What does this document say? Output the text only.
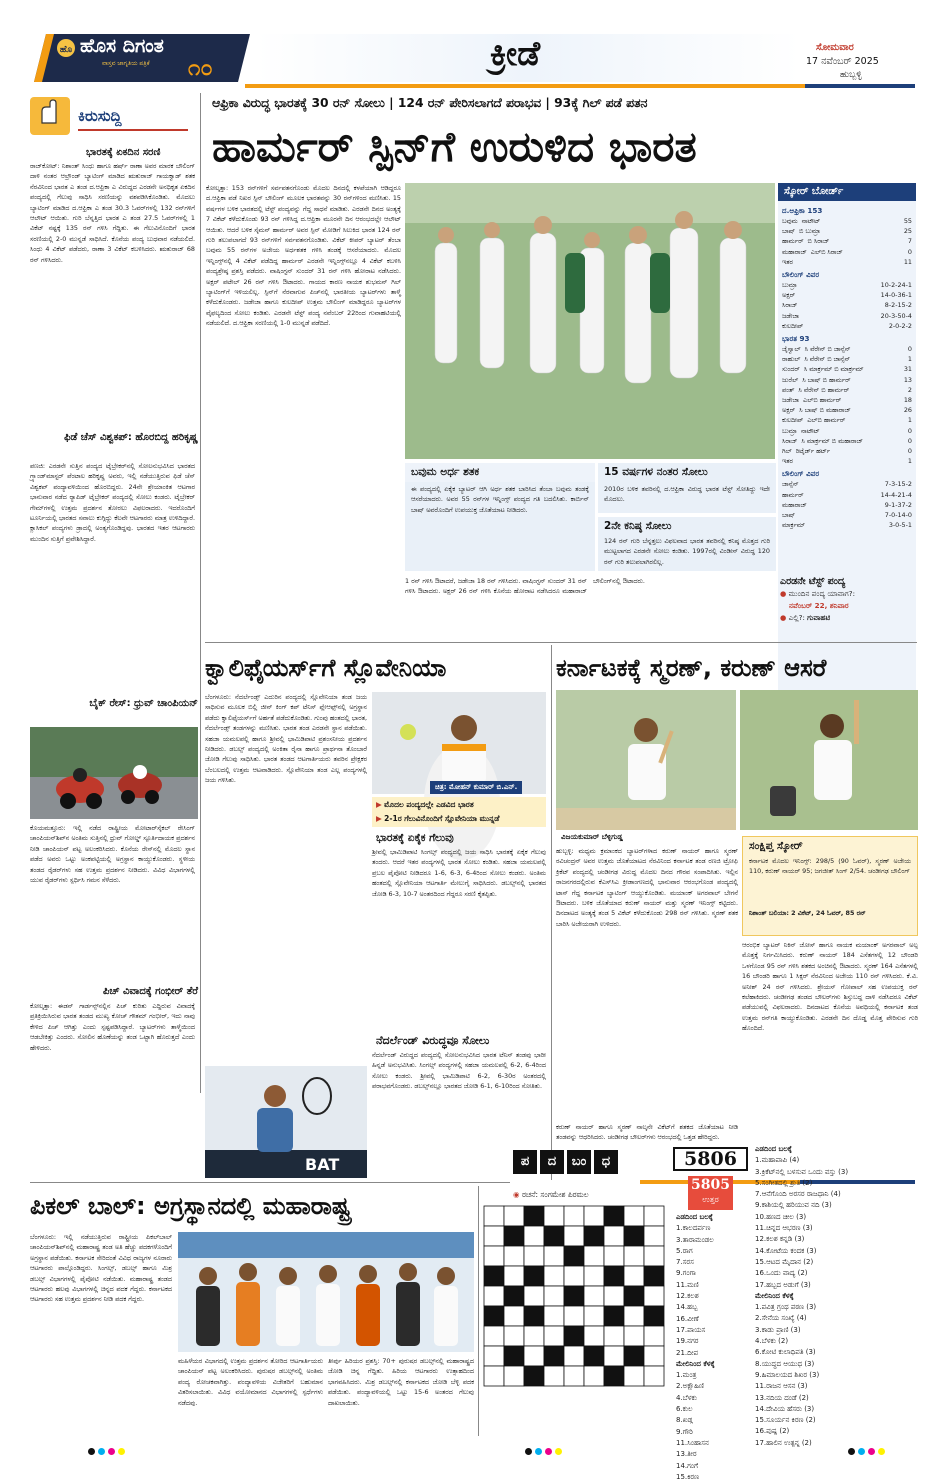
ಹೊ ಹೊಸ ದಿಗಂತ
ವಾಸ್ತವ ಜಾಗೃತಿಯ ಪತ್ರಿಕೆ ೧೦	ಕ್ರೀಡೆ	ಸೋಮವಾರ
17 ನವೆಂಬರ್ 2025
ಹುಬ್ಬಳ್ಳಿ
ಕಿರುಸುದ್ದಿ
ಭಾರತಕ್ಕೆ ಏಕದಿನ ಸರಣಿ

ರಾಜ್‌ಕೋಟ್: ನಿಶಾಂತ್ ಸಿಂಧು ಹಾಗೂ ಹರ್ಷ್ ರಾಣಾ ಅವರ ಮಾರಕ ಬೌಲಿಂಗ್ ದಾಳಿ ನಂತರ ಆಲ್ರೌಂಡ್ ಬ್ಯಾಟಿಂಗ್ ಮಾಡಿದ ಋತುರಾಜ್ ಗಾಯಕ್ವಾಡ್ ಶತಕ ನೆರವಿನಿಂದ ಭಾರತ ಎ ತಂಡ ದ.ಆಫ್ರಿಕಾ ಎ ವಿರುದ್ಧದ ಎರಡನೇ ಅನಧಿಕೃತ ಏಕದಿನ ಪಂದ್ಯದಲ್ಲಿ ಗೆಲುವು ಸಾಧಿಸಿ ಸರಣಿಯನ್ನು ವಶಪಡಿಸಿಕೊಂಡಿತು. ಮೊದಲು ಬ್ಯಾಟಿಂಗ್ ಮಾಡಿದ ದ.ಆಫ್ರಿಕಾ ಎ ತಂಡ 30.3 ಓವರ್‌ಗಳಲ್ಲಿ 132 ರನ್‌ಗಳಿಗೆ ಆಲೌಟ್ ಆಯಿತು. ಗುರಿ ಬೆನ್ನತ್ತಿದ ಭಾರತ ಎ ತಂಡ 27.5 ಓವರ್‌ಗಳಲ್ಲಿ 1 ವಿಕೆಟ್ ನಷ್ಟಕ್ಕೆ 135 ರನ್ ಗಳಿಸಿ ಗೆದ್ದಿತು. ಈ ಗೆಲುವಿನೊಂದಿಗೆ ಭಾರತ ಸರಣಿಯಲ್ಲಿ 2-0 ಮುನ್ನಡೆ ಸಾಧಿಸಿದೆ. ಕೊನೆಯ ಪಂದ್ಯ ಬುಧವಾರ ನಡೆಯಲಿದೆ. ಸಿಂಧು 4 ವಿಕೆಟ್ ಪಡೆದರು, ರಾಣಾ 3 ವಿಕೆಟ್ ಕಬಳಿಸಿದರು. ಋತುರಾಜ್ 68 ರನ್ ಗಳಿಸಿದರು.

ಫಿಡೆ ಚೆಸ್ ವಿಶ್ವಕಪ್: ಹೊರಬಿದ್ದ ಹರಿಕೃಷ್ಣ

ಪಣಜಿ: ಎರಡನೇ ಸುತ್ತಿನ ಪಂದ್ಯದ ಟೈಬ್ರೇಕರ್‌ನಲ್ಲಿ ಸೋಲನುಭವಿಸಿದ ಭಾರತದ ಗ್ರ್ಯಾಂಡ್‌ಮಾಸ್ಟರ್ ಪೆಂಟಾಲ ಹರಿಕೃಷ್ಣ ಅವರು, ಇಲ್ಲಿ ನಡೆಯುತ್ತಿರುವ ಫಿಡೆ ಚೆಸ್ ವಿಶ್ವಕಪ್ ಪಂದ್ಯಾವಳಿಯಿಂದ ಹೊರಬಿದ್ದರು. 24ನೇ ಶ್ರೇಯಾಂಕಿತ ಆಟಗಾರ ಭಾನುವಾರ ನಡೆದ ರ‍್ಯಾಪಿಡ್ ಟೈಬ್ರೇಕರ್ ಪಂದ್ಯದಲ್ಲಿ ಸೋಲು ಕಂಡರು. ಟೈಬ್ರೇಕರ್ ಗೇಮ್‌ಗಳಲ್ಲಿ ಉತ್ತಮ ಪ್ರದರ್ಶನ ತೋರಲು ವಿಫಲರಾದರು. ಇದರೊಂದಿಗೆ ಟೂರ್ನಿಯಲ್ಲಿ ಭಾರತದ ಸವಾಲು ಕುಗ್ಗಿದ್ದು ಕೆಲವೇ ಆಟಗಾರರು ಮಾತ್ರ ಉಳಿದಿದ್ದಾರೆ. ಕ್ಲಾಸಿಕಲ್ ಪಂದ್ಯಗಳು ಡ್ರಾದಲ್ಲಿ ಅಂತ್ಯಗೊಂಡಿದ್ದವು. ಭಾರತದ ಇತರ ಆಟಗಾರರು ಮುಂದಿನ ಸುತ್ತಿಗೆ ಪ್ರವೇಶಿಸಿದ್ದಾರೆ.

ಬೈಕ್ ರೇಸ್: ಧ್ರುವ್ ಚಾಂಪಿಯನ್

ಕೊಯಮತ್ತೂರು: ಇಲ್ಲಿ ನಡೆದ ರಾಷ್ಟ್ರೀಯ ಮೋಟಾರ್‌ಸೈಕಲ್ ರೇಸಿಂಗ್ ಚಾಂಪಿಯನ್‌ಶಿಪ್‌ನ ಅಂತಿಮ ಸುತ್ತಿನಲ್ಲಿ ಧ್ರುವ್ ಗೋಲ್ಡ್ ಸ್ಪೂರ್ತಿದಾಯಕ ಪ್ರದರ್ಶನ ನೀಡಿ ಚಾಂಪಿಯನ್ ಪಟ್ಟ ಅಲಂಕರಿಸಿದರು. ಕೊನೆಯ ರೇಸ್‌ನಲ್ಲಿ ಮೊದಲ ಸ್ಥಾನ ಪಡೆದ ಅವರು ಒಟ್ಟು ಅಂಕಪಟ್ಟಿಯಲ್ಲಿ ಅಗ್ರಸ್ಥಾನ ಕಾಯ್ದುಕೊಂಡರು. ಸ್ಥಳೀಯ ತಂಡದ ರೈಡರ್‌ಗಳು ಸಹ ಉತ್ತಮ ಪ್ರದರ್ಶನ ನೀಡಿದರು. ವಿವಿಧ ವಿಭಾಗಗಳಲ್ಲಿ ಯುವ ರೈಡರ್‌ಗಳು ಸ್ಪರ್ಧಿಸಿ ಗಮನ ಸೆಳೆದರು.

ಪಿಚ್ ವಿವಾದಕ್ಕೆ ಗಂಭೀರ್ ತೆರೆ

ಕೋಲ್ಕತ್ತಾ: ಈಡನ್ ಗಾರ್ಡನ್ಸ್‌ನಲ್ಲಿನ ಪಿಚ್ ಕುರಿತು ಎದ್ದಿರುವ ವಿವಾದಕ್ಕೆ ಪ್ರತಿಕ್ರಿಯಿಸಿರುವ ಭಾರತ ತಂಡದ ಮುಖ್ಯ ಕೋಚ್ ಗೌತಮ್ ಗಂಭೀರ್, ಇದು ನಾವು ಕೇಳಿದ ಪಿಚ್ ಆಗಿತ್ತು ಎಂದು ಸ್ಪಷ್ಟಪಡಿಸಿದ್ದಾರೆ. ಬ್ಯಾಟರ್‌ಗಳು ತಾಳ್ಮೆಯಿಂದ ಆಡಬೇಕಿತ್ತು ಎಂದರು. ಸೋಲಿನ ಹೊಣೆಯನ್ನು ತಂಡ ಒಟ್ಟಾಗಿ ಹೊರುತ್ತದೆ ಎಂದು ಹೇಳಿದರು.

ಆಫ್ರಿಕಾ ವಿರುದ್ಧ ಭಾರತಕ್ಕೆ 30 ರನ್ ಸೋಲು | 124 ರನ್ ಪೇರಿಸಲಾಗದೆ ಪರಾಭವ | 93ಕ್ಕೆ ಗಿಲ್ ಪಡೆ ಪತನ
ಹಾರ್ಮರ್ ಸ್ಪಿನ್‌ಗೆ ಉರುಳಿದ ಭಾರತ

ಕೋಲ್ಕತ್ತಾ: 153 ರನ್‌ಗಳಿಗೆ ಸರ್ವಪತನಗೊಂಡು ಮೊದಲ ದಿನದಲ್ಲಿ ಕಳಪೆಯಾಗಿ ಆಡಿದ್ದರೂ ದ.ಆಫ್ರಿಕಾ ಪಡೆ ನಿಖರ ಸ್ಪಿನ್ ಬೌಲಿಂಗ್ ಮೂಲಕ ಭಾರತವನ್ನು 30 ರನ್‌ಗಳಿಂದ ಮಣಿಸಿತು. 15 ವರ್ಷಗಳ ಬಳಿಕ ಭಾರತದಲ್ಲಿ ಟೆಸ್ಟ್ ಪಂದ್ಯವನ್ನು ಗೆದ್ದ ಸಾಧನೆ ಮಾಡಿತು. ಎರಡನೇ ದಿನದ ಅಂತ್ಯಕ್ಕೆ 7 ವಿಕೆಟ್ ಕಳೆದುಕೊಂಡು 93 ರನ್ ಗಳಿಸಿದ್ದ ದ.ಆಫ್ರಿಕಾ ಮೂರನೇ ದಿನ ಆರಂಭದಲ್ಲೇ ಆಲೌಟ್ ಆಯಿತು. ಆದರೆ ಬಳಿಕ ಸೈಮನ್ ಹಾರ್ಮರ್ ಅವರ ಸ್ಪಿನ್ ಮೋಡಿಗೆ ಸಿಲುಕಿದ ಭಾರತ 124 ರನ್ ಗುರಿ ತಲುಪಲಾಗದೆ 93 ರನ್‌ಗಳಿಗೆ ಸರ್ವಪತನಗೊಂಡಿತು. ವಿಕೆಟ್ ಕೀಪರ್ ಬ್ಯಾಟರ್ ತೆಂಬಾ ಬವುಮ 55 ರನ್‌ಗಳ ಅಜೇಯ ಅರ್ಧಶತಕ ಗಳಿಸಿ ತಂಡಕ್ಕೆ ಆಸರೆಯಾದರು. ಮೊದಲ ಇನ್ನಿಂಗ್ಸ್‌ನಲ್ಲಿ 4 ವಿಕೆಟ್ ಪಡೆದಿದ್ದ ಹಾರ್ಮರ್ ಎರಡನೇ ಇನ್ನಿಂಗ್ಸ್‌ನಲ್ಲೂ 4 ವಿಕೆಟ್ ಕಬಳಿಸಿ ಪಂದ್ಯಶ್ರೇಷ್ಠ ಪ್ರಶಸ್ತಿ ಪಡೆದರು. ವಾಷಿಂಗ್ಟನ್ ಸುಂದರ್ 31 ರನ್ ಗಳಿಸಿ ಹೋರಾಟ ನಡೆಸಿದರು. ಅಕ್ಷರ್ ಪಟೇಲ್ 26 ರನ್ ಗಳಿಸಿ ಔಟಾದರು. ಗಾಯದ ಕಾರಣ ನಾಯಕ ಶುಭಮನ್ ಗಿಲ್ ಬ್ಯಾಟಿಂಗ್‌ಗೆ ಇಳಿಯಲಿಲ್ಲ. ಸ್ಪಿನ್‌ಗೆ ನೆರವಾಗುವ ಪಿಚ್‌ನಲ್ಲಿ ಭಾರತೀಯ ಬ್ಯಾಟರ್‌ಗಳು ತಾಳ್ಮೆ ಕಳೆದುಕೊಂಡರು. ಜಡೇಜಾ ಹಾಗೂ ಕುಲದೀಪ್ ಉತ್ತಮ ಬೌಲಿಂಗ್ ಮಾಡಿದ್ದರೂ ಬ್ಯಾಟರ್‌ಗಳ ವೈಫಲ್ಯದಿಂದ ಸೋಲು ಕಂಡಿತು. ಎರಡನೇ ಟೆಸ್ಟ್ ಪಂದ್ಯ ನವೆಂಬರ್ 22ರಿಂದ ಗುವಾಹಟಿಯಲ್ಲಿ ನಡೆಯಲಿದೆ. ದ.ಆಫ್ರಿಕಾ ಸರಣಿಯಲ್ಲಿ 1-0 ಮುನ್ನಡೆ ಪಡೆದಿದೆ.

ಸ್ಕೋರ್ ಬೋರ್ಡ್
ದ.ಆಫ್ರಿಕಾ 153
ಬವುಮ ನಾಟೌಟ್	55
ಬಾಷ್ ಬಿ ಬುಮ್ರಾ	25
ಹಾರ್ಮರ್ ಬಿ ಸಿರಾಜ್	7
ಮಹಾರಾಜ್ ಎಲ್‌ಬಿ ಸಿರಾಜ್	0
ಇತರ	11
ಬೌಲಿಂಗ್ ವಿವರ
ಬುಮ್ರಾ	10-2-24-1
ಅಕ್ಷರ್	14-0-36-1
ಸಿರಾಜ್	8-2-15-2
ಜಡೇಜಾ	20-3-50-4
ಕುಲದೀಪ್	2-0-2-2
ಭಾರತ 93
ಜೈಸ್ವಾಲ್ ಸಿ ವೆರೇನ್ ಬಿ ಜಾನ್ಸೆನ್	0
ರಾಹುಲ್ ಸಿ ವೆರೇನ್ ಬಿ ಜಾನ್ಸೆನ್	1
ಸುಂದರ್ ಸಿ ಮಾರ್ಕ್ರಮ್ ಬಿ ಮಾರ್ಕ್ರಮ್	31
ಜುರೆಲ್ ಸಿ ಬಾಷ್ ಬಿ ಹಾರ್ಮರ್	13
ಪಂತ್ ಸಿ ವೆರೇನ್ ಬಿ ಹಾರ್ಮರ್	2
ಜಡೇಜಾ ಎಲ್‌ಬಿ ಹಾರ್ಮರ್	18
ಅಕ್ಷರ್ ಸಿ ಬಾಷ್ ಬಿ ಮಹಾರಾಜ್	26
ಕುಲದೀಪ್ ಎಲ್‌ಬಿ ಹಾರ್ಮರ್	1
ಬುಮ್ರಾ ನಾಟೌಟ್	0
ಸಿರಾಜ್ ಸಿ ಮಾರ್ಕ್ರಮ್ ಬಿ ಮಹಾರಾಜ್	0
ಗಿಲ್ ರಿಟೈರ್ಡ್ ಹರ್ಟ್	0
ಇತರ	1
ಬೌಲಿಂಗ್ ವಿವರ
ಜಾನ್ಸೆನ್	7-3-15-2
ಹಾರ್ಮರ್	14-4-21-4
ಮಹಾರಾಜ್	9-1-37-2
ಬಾಷ್	7-0-14-0
ಮಾರ್ಕ್ರಮ್	3-0-5-1
ಎರಡನೇ ಟೆಸ್ಟ್ ಪಂದ್ಯ
● ಮುಂದಿನ ಪಂದ್ಯ ಯಾವಾಗ?:
ನವೆಂಬರ್ 22, ಶನಿವಾರ
● ಎಲ್ಲಿ?: ಗುವಾಹಟಿ
ಬವುಮ ಅರ್ಧ ಶತಕ

ಈ ಪಂದ್ಯದಲ್ಲಿ ಏಕೈಕ ಬ್ಯಾಟರ್ ಆಗಿ ಅರ್ಧ ಶತಕ ಬಾರಿಸಿದ ತೆಂಬಾ ಬವುಮ ತಂಡಕ್ಕೆ ಆಸರೆಯಾದರು. ಅವರ 55 ರನ್‌ಗಳ ಇನ್ನಿಂಗ್ಸ್ ಪಂದ್ಯದ ಗತಿ ಬದಲಿಸಿತು. ಕಾರ್ಬಿನ್ ಬಾಷ್ ಅವರೊಂದಿಗೆ ಉಪಯುಕ್ತ ಜೊತೆಯಾಟ ನೀಡಿದರು.

15 ವರ್ಷಗಳ ನಂತರ ಸೋಲು

2010ರ ಬಳಿಕ ತವರಿನಲ್ಲಿ ದ.ಆಫ್ರಿಕಾ ವಿರುದ್ಧ ಭಾರತ ಟೆಸ್ಟ್ ಸೋತಿದ್ದು ಇದೇ ಮೊದಲು.

2ನೇ ಕನಿಷ್ಠ ಸೋಲು

124 ರನ್ ಗುರಿ ಬೆನ್ನತ್ತಲು ವಿಫಲವಾದ ಭಾರತ ತವರಿನಲ್ಲಿ ಕನಿಷ್ಠ ಮೊತ್ತದ ಗುರಿ ಮುಟ್ಟಲಾಗದ ಎರಡನೇ ಸೋಲು ಕಂಡಿತು. 1997ರಲ್ಲಿ ವಿಂಡೀಸ್ ವಿರುದ್ಧ 120 ರನ್ ಗುರಿ ತಲುಪಲಾಗಿರಲಿಲ್ಲ.

1 ರನ್ ಗಳಿಸಿ ಔಟಾದರೆ, ಜಡೇಜಾ 18 ರನ್ ಗಳಿಸಿದರು. ವಾಷಿಂಗ್ಟನ್ ಸುಂದರ್ 31 ರನ್ ಗಳಿಸಿ ಔಟಾದರು. ಅಕ್ಷರ್ 26 ರನ್ ಗಳಿಸಿ ಕೊನೆಯ ಹೋರಾಟ ನಡೆಸಿದರೂ ಮಹಾರಾಜ್ ಬೌಲಿಂಗ್‌ನಲ್ಲಿ ಔಟಾದರು.

ಕ್ವಾಲಿಫೈಯರ್ಸ್‌ಗೆ ಸ್ಲೊವೇನಿಯಾ

ಬೆಂಗಳೂರು: ನೆದರ್ಲೆಂಡ್ಸ್ ಎದುರಿನ ಪಂದ್ಯದಲ್ಲಿ ಸ್ಲೊವೇನಿಯಾ ತಂಡ ಜಯ ಸಾಧಿಸುವ ಮೂಲಕ ಬಿಲ್ಲಿ ಜೀನ್ ಕಿಂಗ್ ಕಪ್ ಟೆನಿಸ್ ಪ್ಲೇಆಫ್ಸ್‌ನಲ್ಲಿ ಅಗ್ರಸ್ಥಾನ ಪಡೆದು ಕ್ವಾಲಿಫೈಯರ್ಸ್‌ಗೆ ಅರ್ಹತೆ ಪಡೆದುಕೊಂಡಿತು. ಗುಂಪು ಹಂತದಲ್ಲಿ ಭಾರತ, ನೆದರ್ಲೆಂಡ್ಸ್ ತಂಡಗಳನ್ನು ಮಣಿಸಿತು. ಭಾರತ ತಂಡ ಎರಡನೇ ಸ್ಥಾನ ಪಡೆಯಿತು. ಸಹಜಾ ಯಮಲಪಲ್ಲಿ ಹಾಗೂ ಶ್ರೀವಲ್ಲಿ ಭಾಮಿಡಿಪಾಟಿ ಪ್ರಶಂಸನೀಯ ಪ್ರದರ್ಶನ ನೀಡಿದರು. ಡಬಲ್ಸ್ ಪಂದ್ಯದಲ್ಲಿ ಅಂಕಿತಾ ರೈನಾ ಹಾಗೂ ಪ್ರಾರ್ಥನಾ ತೊಂಬಾರೆ ಜೋಡಿ ಗೆಲುವು ಸಾಧಿಸಿತು. ಭಾರತ ತಂಡದ ಆಟಗಾರ್ತಿಯರು ತವರಿನ ಪ್ರೇಕ್ಷಕರ ಬೆಂಬಲದಲ್ಲಿ ಉತ್ತಮ ಆಟವಾಡಿದರು. ಸ್ಲೊವೇನಿಯಾ ತಂಡ ಎಲ್ಲ ಪಂದ್ಯಗಳಲ್ಲಿ ಜಯ ಗಳಿಸಿತು.

ಚಿತ್ರ: ಮೋಹನ್ ಕುಮಾರ್ ಬಿ.ಎನ್.
▶ ಮೊದಲ ಪಂದ್ಯದಲ್ಲೇ ಎಡವಿದ ಭಾರತ
▶ 2-1ರ ಗೆಲುವಿನೊಂದಿಗೆ ಸ್ಲೊವೇನಿಯಾ ಮುನ್ನಡೆ
ಭಾರತಕ್ಕೆ ಏಕೈಕ ಗೆಲುವು

ಶ್ರೀವಲ್ಲಿ ಭಾಮಿಡಿಪಾಟಿ ಸಿಂಗಲ್ಸ್ ಪಂದ್ಯದಲ್ಲಿ ಜಯ ಸಾಧಿಸಿ ಭಾರತಕ್ಕೆ ಏಕೈಕ ಗೆಲುವು ತಂದರು. ಆದರೆ ಇತರ ಪಂದ್ಯಗಳಲ್ಲಿ ಭಾರತ ಸೋಲು ಕಂಡಿತು. ಸಹಜಾ ಯಮಲಪಲ್ಲಿ ಪ್ರಬಲ ಪೈಪೋಟಿ ನೀಡಿದರೂ 1-6, 6-3, 6-4ರಿಂದ ಸೋಲು ಕಂಡರು. ಅಂತಿಮ ಹಂತದಲ್ಲಿ ಸ್ಲೊವೇನಿಯಾ ಆಟಗಾರ್ತಿ ಮೇಲುಗೈ ಸಾಧಿಸಿದರು. ಡಬಲ್ಸ್‌ನಲ್ಲಿ ಭಾರತದ ಜೋಡಿ 6-3, 10-7 ಅಂತರದಿಂದ ಗೆದ್ದರೂ ಸರಣಿ ಕೈತಪ್ಪಿತು.

BAT
ನೆದರ್ಲೆಂಡ್ ವಿರುದ್ಧವೂ ಸೋಲು

ನೆದರ್ಲೆಂಡ್ ವಿರುದ್ಧದ ಪಂದ್ಯದಲ್ಲಿ ಸೋಲನುಭವಿಸಿದ ಭಾರತ ಟೆನಿಸ್ ತಂಡವು ಭಾರೀ ಹಿನ್ನಡೆ ಅನುಭವಿಸಿತು. ಸಿಂಗಲ್ಸ್ ಪಂದ್ಯಗಳಲ್ಲಿ ಸಹಜಾ ಯಮಲಪಲ್ಲಿ 6-2, 6-4ರಿಂದ ಸೋಲು ಕಂಡರು. ಶ್ರೀವಲ್ಲಿ ಭಾಮಿಡಿಪಾಟಿ 6-2, 6-30ರ ಅಂತರದಲ್ಲಿ ಪರಾಭವಗೊಂಡರು. ಡಬಲ್ಸ್‌ನಲ್ಲೂ ಭಾರತದ ಜೋಡಿ 6-1, 6-10ರಿಂದ ಸೋತಿತು.

ಕರ್ನಾಟಕಕ್ಕೆ ಸ್ಮರಣ್, ಕರುಣ್ ಆಸರೆ
ವಿಜಯಕುಮಾರ್ ಬೆಳ್ಳಿಗುಡ್ಡ

ಹುಬ್ಬಳ್ಳಿ: ಮಧ್ಯಮ ಕ್ರಮಾಂಕದ ಬ್ಯಾಟರ್‌ಗಳಾದ ಕರುಣ್ ನಾಯರ್ ಹಾಗೂ ಸ್ಮರಣ್ ರವಿಚಂದ್ರನ್ ಅವರ ಉತ್ತಮ ಜೊತೆಯಾಟದ ನೆರವಿನಿಂದ ಕರ್ನಾಟಕ ತಂಡ ರಣಜಿ ಟ್ರೋಫಿ ಕ್ರಿಕೆಟ್ ಪಂದ್ಯದಲ್ಲಿ ಚಂಡೀಗಢ ವಿರುದ್ಧ ಮೊದಲ ದಿನದ ಗೌರವ ಸಂಪಾದಿಸಿತು. ಇಲ್ಲಿನ ರಾಜನಗರದಲ್ಲಿರುವ ಕೆಎಸ್‌ಸಿಎ ಕ್ರೀಡಾಂಗಣದಲ್ಲಿ ಭಾನುವಾರ ಆರಂಭಗೊಂಡ ಪಂದ್ಯದಲ್ಲಿ ಟಾಸ್ ಗೆದ್ದ ಕರ್ನಾಟಕ ಬ್ಯಾಟಿಂಗ್ ಆಯ್ದುಕೊಂಡಿತು. ಮಯಾಂಕ್ ಅಗರವಾಲ್ ಬೇಗನೆ ಔಟಾದರು. ಬಳಿಕ ಜೊತೆಯಾದ ಕರುಣ್ ನಾಯರ್ ಮತ್ತು ಸ್ಮರಣ್ ಇನಿಂಗ್ಸ್ ಕಟ್ಟಿದರು. ದಿನದಾಟದ ಅಂತ್ಯಕ್ಕೆ ತಂಡ 5 ವಿಕೆಟ್ ಕಳೆದುಕೊಂಡು 298 ರನ್ ಗಳಿಸಿತು. ಸ್ಮರಣ್ ಶತಕ ಬಾರಿಸಿ ಅಜೇಯರಾಗಿ ಉಳಿದರು.

ಕರುಣ್ ನಾಯರ್ ಹಾಗೂ ಸ್ಮರಣ್ ನಾಲ್ಕನೇ ವಿಕೆಟ್‌ಗೆ ಶತಕದ ಜೊತೆಯಾಟ ನೀಡಿ ತಂಡವನ್ನು ಆಧರಿಸಿದರು. ಚಂಡೀಗಢ ಬೌಲರ್‌ಗಳು ಆರಂಭದಲ್ಲಿ ಒತ್ತಡ ಹೇರಿದ್ದರು.

ಸಂಕ್ಷಿಪ್ತ ಸ್ಕೋರ್

ಕರ್ನಾಟಕ ಮೊದಲ ಇನಿಂಗ್ಸ್: 298/5 (90 ಓವರ್), ಸ್ಮರಣ್ ಅಜೇಯ 110, ಕರುಣ್ ನಾಯರ್ 95; ಜಗಜೀತ್ ಸಿಂಗ್ 2/54. ಚಂಡೀಗಢ ಬೌಲಿಂಗ್

ನಿಶಾಂತ್ ಬಲಿಯಾ: 2 ವಿಕೆಟ್, 24 ಓವರ್, 85 ರನ್

ಆರಂಭಿಕ ಬ್ಯಾಟರ್ ನಿಕಿನ್ ಜೋಸ್ ಹಾಗೂ ನಾಯಕ ಮಯಾಂಕ್ ಅಗರವಾಲ್ ಅಲ್ಪ ಮೊತ್ತಕ್ಕೆ ನಿರ್ಗಮಿಸಿದರು. ಕರುಣ್ ನಾಯರ್ 184 ಎಸೆತಗಳಲ್ಲಿ 12 ಬೌಂಡರಿ ಒಳಗೊಂಡ 95 ರನ್ ಗಳಿಸಿ ಶತಕದ ಅಂಚಿನಲ್ಲಿ ಔಟಾದರು. ಸ್ಮರಣ್ 164 ಎಸೆತಗಳಲ್ಲಿ 16 ಬೌಂಡರಿ ಹಾಗೂ 1 ಸಿಕ್ಸರ್ ನೆರವಿನಿಂದ ಅಜೇಯ 110 ರನ್ ಗಳಿಸಿದರು. ಕೆ.ವಿ. ಅನೀಶ್ 24 ರನ್ ಗಳಿಸಿದರು. ಶ್ರೇಯಸ್ ಗೋಪಾಲ್ ಸಹ ಉಪಯುಕ್ತ ರನ್ ಕಲೆಹಾಕಿದರು. ಚಂಡೀಗಢ ತಂಡದ ಬೌಲರ್‌ಗಳು ಶಿಸ್ತುಬದ್ಧ ದಾಳಿ ನಡೆಸಿದರೂ ವಿಕೆಟ್ ಪಡೆಯುವಲ್ಲಿ ವಿಫಲರಾದರು. ದಿನದಾಟದ ಕೊನೆಯ ಅವಧಿಯಲ್ಲಿ ಕರ್ನಾಟಕ ತಂಡ ಉತ್ತಮ ರನ್‌ಗತಿ ಕಾಯ್ದುಕೊಂಡಿತು. ಎರಡನೇ ದಿನ ದೊಡ್ಡ ಮೊತ್ತ ಪೇರಿಸುವ ಗುರಿ ಹೊಂದಿದೆ.

ಪಿಕಲ್ ಬಾಲ್: ಅಗ್ರಸ್ಥಾನದಲ್ಲಿ ಮಹಾರಾಷ್ಟ್ರ

ಬೆಂಗಳೂರು: ಇಲ್ಲಿ ನಡೆಯುತ್ತಿರುವ ರಾಷ್ಟ್ರೀಯ ಪಿಕಲ್‌ಬಾಲ್ ಚಾಂಪಿಯನ್‌ಶಿಪ್‌ನಲ್ಲಿ ಮಹಾರಾಷ್ಟ್ರ ತಂಡ ಅತಿ ಹೆಚ್ಚು ಪದಕಗಳೊಂದಿಗೆ ಅಗ್ರಸ್ಥಾನ ಪಡೆಯಿತು. ಕರ್ನಾಟಕ ಸೇರಿದಂತೆ ವಿವಿಧ ರಾಜ್ಯಗಳ ನೂರಾರು ಆಟಗಾರರು ಪಾಲ್ಗೊಂಡಿದ್ದರು. ಸಿಂಗಲ್ಸ್, ಡಬಲ್ಸ್ ಹಾಗೂ ಮಿಶ್ರ ಡಬಲ್ಸ್ ವಿಭಾಗಗಳಲ್ಲಿ ಪೈಪೋಟಿ ನಡೆಯಿತು. ಮಹಾರಾಷ್ಟ್ರ ತಂಡದ ಆಟಗಾರರು ಹಲವು ವಿಭಾಗಗಳಲ್ಲಿ ಚಿನ್ನದ ಪದಕ ಗೆದ್ದರು. ಕರ್ನಾಟಕದ ಆಟಗಾರರು ಸಹ ಉತ್ತಮ ಪ್ರದರ್ಶನ ನೀಡಿ ಪದಕ ಗೆದ್ದರು.

ಮಹಿಳೆಯರ ವಿಭಾಗದಲ್ಲಿ ಉತ್ತಮ ಪ್ರದರ್ಶನ ತೋರಿದ ಆಟಗಾರ್ತಿಯರು ಚಾಂಪಿಯನ್ ಪಟ್ಟ ಅಲಂಕರಿಸಿದರು. ಪುರುಷರ ಡಬಲ್ಸ್‌ನಲ್ಲಿ ಅಂತಿಮ ಪಂದ್ಯ ರೋಚಕವಾಗಿತ್ತು. ಪಂದ್ಯಾವಳಿಯ ವಿಜೇತರಿಗೆ ಬಹುಮಾನ ವಿತರಿಸಲಾಯಿತು. ವಿವಿಧ ವಯೋಮಾನದ ವಿಭಾಗಗಳಲ್ಲಿ ಸ್ಪರ್ಧೆಗಳು ನಡೆದವು.

ತೀರ್ಪು ಹಿರಿಯರ ಪ್ರಶಸ್ತಿ: 70+ ಪುರುಷರ ಡಬಲ್ಸ್‌ನಲ್ಲಿ ಮಹಾರಾಷ್ಟ್ರದ ಜೋಡಿ ಚಿನ್ನ ಗೆದ್ದಿತು. ಹಿರಿಯ ಆಟಗಾರರು ಉತ್ಸಾಹದಿಂದ ಭಾಗವಹಿಸಿದರು. ಮಿಶ್ರ ಡಬಲ್ಸ್‌ನಲ್ಲಿ ಕರ್ನಾಟಕದ ಜೋಡಿ ಬೆಳ್ಳಿ ಪದಕ ಪಡೆಯಿತು. ಪಂದ್ಯಾವಳಿಯಲ್ಲಿ ಒಟ್ಟು 15-6 ಅಂತರದ ಗೆಲುವು ದಾಖಲಾಯಿತು.

ಪ	ದ	ಬಂ	ಧ
◉ ರಚನೆ: ಸಂಗಮೇಶ ಪಿರಮಲ
5806
5805
ಉತ್ತರ
ಎಡದಿಂದ ಬಲಕ್ಕೆ
1.ಕಾಲದರ್ಪಣ
3.ತಾರಾಮಂಡಲ
5.ರಾಗ
7.ಸರಸ
9.ಗಂಗಾ
11.ಮಣಿ
12.ಕಲಶ
14.ಹಬ್ಬ
16.ವೀಣೆ
17.ಪಾಯಸ
19.ನಗರ
21.ದೀಪ
ಮೇಲಿನಿಂದ ಕೆಳಕ್ಕೆ
1.ಮಂತ್ರ
2.ಅಕ್ಷೌಹಿಣಿ
4.ಬೆಳಕು
6.ಕುಲ
8.ಖಡ್ಗ
9.ಗೌರಿ
11.ಸಿಂಹಾಸನ
13.ತೀರ
14.ಗಂಗೆ
15.ಕಿರಣ
ಎಡದಿಂದ ಬಲಕ್ಕೆ
1.ಮಹಾಪಾಪಿ (4)
3.ಕ್ರಿಕೆಟ್‌ನಲ್ಲಿ ಬಳಸುವ ಒಂದು ವಸ್ತು (3)
5.ಸಂಗೀತದಲ್ಲಿ ಶ್ರುತಿ (2)
7.ಆನೆಗೊಂದಿ ಅರಸರ ರಾಜಧಾನಿ (4)
9.ಕಾಶಿಯಲ್ಲಿ ಹರಿಯುವ ನದಿ (3)
10.ಹಣದ ಚೀಲ (3)
11.ಚಿನ್ನದ ಆಭರಣ (3)
12.ಕಲಶ ಕನ್ನಡಿ (3)
14.ಕೋಟೆಯ ಕಂದಕ (3)
15.ಆಟದ ಮೈದಾನ (2)
16.ಒಂದು ವಾದ್ಯ (2)
17.ಹಬ್ಬದ ಅಡುಗೆ (3)
ಮೇಲಿನಿಂದ ಕೆಳಕ್ಕೆ
1.ಪವಿತ್ರ ಗ್ರಂಥ ಪಠಣ (3)
2.ಸೇನೆಯ ಸಂಖ್ಯೆ (4)
3.ಕಾಡು ಪ್ರಾಣಿ (3)
4.ಬೆಳಕು (2)
6.ಕೋಟಿ ಕುಲಾಧಿಪತಿ (3)
8.ಯುದ್ಧದ ಆಯುಧ (3)
9.ಹಿಮಾಲಯದ ಶಿಖರ (3)
11.ರಾಜನ ಆಸನ (3)
13.ನದಿಯ ದಂಡೆ (2)
14.ದೇವಿಯ ಹೆಸರು (3)
15.ಸೂರ್ಯನ ಕಿರಣ (2)
16.ಪುಷ್ಪ (2)
17.ಹಾಲಿನ ಉತ್ಪನ್ನ (2)
